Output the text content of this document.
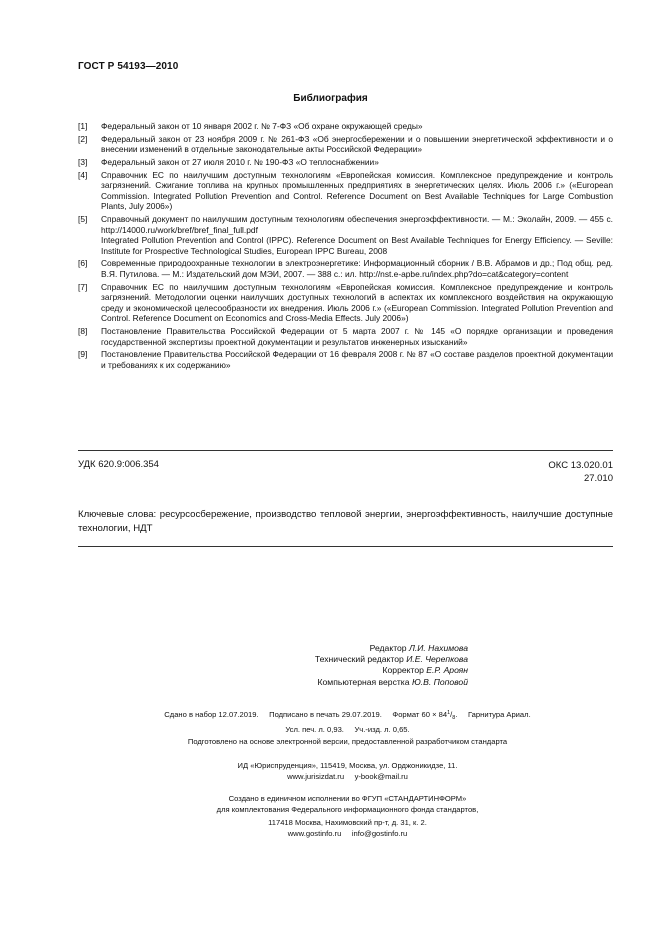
ГОСТ Р 54193—2010
Библиография
[1]	Федеральный закон от 10 января 2002 г. № 7-ФЗ «Об охране окружающей среды»
[2]	Федеральный закон от 23 ноября 2009 г. № 261-ФЗ «Об энергосбережении и о повышении энергетической эффективности и о внесении изменений в отдельные законодательные акты Российской Федерации»
[3]	Федеральный закон от 27 июля 2010 г. № 190-ФЗ «О теплоснабжении»
[4]	Справочник ЕС по наилучшим доступным технологиям «Европейская комиссия. Комплексное предупреждение и контроль загрязнений. Сжигание топлива на крупных промышленных предприятиях в энергетических целях. Июль 2006 г.» («European Commission. Integrated Pollution Prevention and Control. Reference Document on Best Available Techniques for Large Combustion Plants, July 2006»)
[5]	Справочный документ по наилучшим доступным технологиям обеспечения энергоэффективности. — М.: Эколайн, 2009. — 455 с. http://14000.ru/work/bref/bref_final_full.pdf
Integrated Pollution Prevention and Control (IPPC). Reference Document on Best Available Techniques for Energy Efficiency. — Seville: Institute for Prospective Technological Studies, European IPPC Bureau, 2008
[6]	Современные природоохранные технологии в электроэнергетике: Информационный сборник / В.В. Абрамов и др.; Под общ. ред. В.Я. Путилова. — М.: Издательский дом МЭИ, 2007. — 388 с.: ил. http://nst.e-apbe.ru/index.php?do=cat&category=content
[7]	Справочник ЕС по наилучшим доступным технологиям «Европейская комиссия. Комплексное предупреждение и контроль загрязнений. Методологии оценки наилучших доступных технологий в аспектах их комплексного воздействия на окружающую среду и экономической целесообразности их внедрения. Июль 2006 г.» («European Commission. Integrated Pollution Prevention and Control. Reference Document on Economics and Cross-Media Effects. July 2006»)
[8]	Постановление Правительства Российской Федерации от 5 марта 2007 г. № 145 «О порядке организации и проведения государственной экспертизы проектной документации и результатов инженерных изысканий»
[9]	Постановление Правительства Российской Федерации от 16 февраля 2008 г. № 87 «О составе разделов проектной документации и требованиях к их содержанию»
УДК 620.9:006.354	ОКС 13.020.01
27.010
Ключевые слова: ресурсосбережение, производство тепловой энергии, энергоэффективность, наилучшие доступные технологии, НДТ
Редактор Л.И. Нахимова
Технический редактор И.Е. Черепкова
Корректор Е.Р. Ароян
Компьютерная верстка Ю.В. Поповой
Сдано в набор 12.07.2019. Подписано в печать 29.07.2019. Формат $60 \times 84^1/_8$. Гарнитура Ариал.
Усл. печ. л. 0,93. Уч.-изд. л. 0,65.
Подготовлено на основе электронной версии, предоставленной разработчиком стандарта
ИД «Юриспруденция», 115419, Москва, ул. Орджоникидзе, 11.
www.jurisizdat.ru y-book@mail.ru
Создано в единичном исполнении во ФГУП «СТАНДАРТИНФОРМ»
для комплектования Федерального информационного фонда стандартов,
117418 Москва, Нахимовский пр-т, д. 31, к. 2.
www.gostinfo.ru info@gostinfo.ru
